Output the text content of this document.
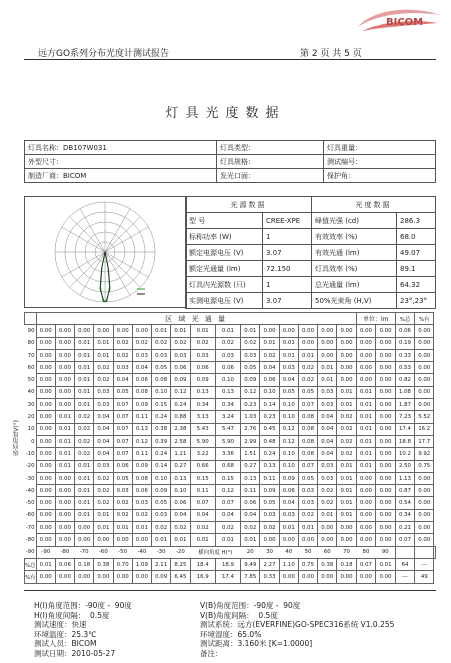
远方GO系列分布光度计测试报告	第 2 页 共 5 页
BICOM
灯具光度数据
灯具名称：DB107W031	灯具类型：	灯具重量：
外型尺寸：	灯具规格：	测试编号：
制造厂商：BICOM	发光口面：	保护角：
光源数据		光度数据	
型 号	CREE-XPE	峰值光强 (cd)	286.3
标称功率 (W)	1	有效效率 (%)	68.0
额定电源电压 (V)	3.07	有效光通 (lm)	49.07
额定光通量 (lm)	72.150	灯具效率 (%)	89.1
灯具内光源数 (只)	1	总光通量 (lm)	64.32
实测电源电压 (V)	3.07	50%光束角 (H,V)	23°,23°
	区 域 光 通 量																单位：lm		%总	%有	
90	0.00	0.00	0.00	0.00	0.00	0.00	0.01	0.01	0.01	0.01	0.01	0.00	0.00	0.00	0.00	0.00	0.00	0.00	0.06	0.00	
80	0.00	0.00	0.01	0.01	0.02	0.02	0.02	0.02	0.02	0.02	0.02	0.01	0.01	0.00	0.00	0.00	0.00	0.00	0.19	0.00	
70	0.00	0.00	0.01	0.01	0.02	0.03	0.03	0.03	0.03	0.03	0.03	0.02	0.01	0.01	0.00	0.00	0.00	0.00	0.33	0.00	
60	0.00	0.00	0.01	0.02	0.03	0.04	0.05	0.06	0.06	0.06	0.05	0.04	0.03	0.02	0.01	0.00	0.00	0.00	0.53	0.00	
50	0.00	0.00	0.01	0.02	0.04	0.06	0.08	0.09	0.09	0.10	0.09	0.06	0.04	0.02	0.01	0.00	0.00	0.00	0.82	0.00	
40	0.00	0.00	0.01	0.03	0.05	0.08	0.10	0.12	0.13	0.13	0.12	0.10	0.05	0.05	0.03	0.01	0.01	0.00	1.08	0.00	
30	0.00	0.00	0.01	0.03	0.07	0.09	0.15	0.24	0.34	0.34	0.23	0.14	0.10	0.07	0.03	0.01	0.01	0.00	1.87	0.00	
20	0.00	0.01	0.02	0.04	0.07	0.11	0.24	0.88	3.13	3.24	1.03	0.23	0.10	0.08	0.04	0.02	0.01	0.00	7.23	5.52	
10	0.00	0.01	0.02	0.04	0.07	0.13	0.38	2.38	5.43	5.47	2.76	0.45	0.12	0.08	0.04	0.02	0.01	0.00	17.4	16.2	
0	0.00	0.01	0.02	0.04	0.07	0.12	0.39	2.58	5.90	5.90	2.99	0.48	0.12	0.08	0.04	0.02	0.01	0.00	18.8	17.7	
-10	0.00	0.01	0.02	0.04	0.07	0.11	0.24	1.21	3.22	3.36	1.51	0.24	0.10	0.08	0.04	0.02	0.01	0.00	10.2	9.92	
-20	0.00	0.01	0.01	0.03	0.06	0.09	0.14	0.27	0.66	0.68	0.27	0.13	0.10	0.07	0.03	0.01	0.01	0.00	2.50	0.75	
-30	0.00	0.00	0.01	0.02	0.05	0.08	0.10	0.13	0.15	0.15	0.13	0.11	0.09	0.05	0.03	0.01	0.00	0.00	1.13	0.00	
-40	0.00	0.00	0.01	0.02	0.03	0.06	0.09	0.10	0.11	0.12	0.11	0.09	0.06	0.03	0.02	0.01	0.00	0.00	0.87	0.00	
-50	0.00	0.00	0.01	0.02	0.02	0.03	0.05	0.06	0.07	0.07	0.06	0.05	0.04	0.03	0.02	0.01	0.00	0.00	0.54	0.00	
-60	0.00	0.00	0.01	0.01	0.02	0.02	0.03	0.04	0.04	0.04	0.04	0.03	0.03	0.02	0.01	0.01	0.00	0.00	0.34	0.00	
-70	0.00	0.00	0.00	0.01	0.01	0.01	0.02	0.02	0.02	0.02	0.02	0.02	0.01	0.01	0.00	0.00	0.00	0.00	0.21	0.00	
-80	0.00	0.00	0.00	0.00	0.00	0.00	0.01	0.01	0.01	0.01	0.01	0.00	0.00	0.00	0.00	0.00	0.00	0.00	0.07	0.00	
-90	-90	-80	-70	-60	-50	-40	-30	-20	横向角度 H(°)		20	30	40	50	60	70	80	90			
%总	0.01	0.06	0.18	0.38	0.70	1.09	2.11	8.25	18.4	18.9	9.49	2.27	1.10	0.75	0.38	0.18	0.07	0.01	64	---	
%有	0.00	0.00	0.00	0.00	0.00	0.00	0.09	6.45	16.9	17.4	7.85	0.33	0.00	0.00	0.00	0.00	0.00	0.00	---	49	
H(Ⅰ)角度范围：-90度 -  90度
H(Ⅰ)角度间隔：  0.5度
测试速度：快速
环境温度：25.3℃
测试人员：BICOM
测试日期：2010-05-27
V(B)角度范围：-90度 -  90度
V(B)角度间隔：  0.5度
测试系统：远方(EVERFINE)GO-SPEC316系统 V1.0.255
环境湿度：65.0%
测试距离：3.160米 [K=1.0000]
备注：
纵向角度V(°)
